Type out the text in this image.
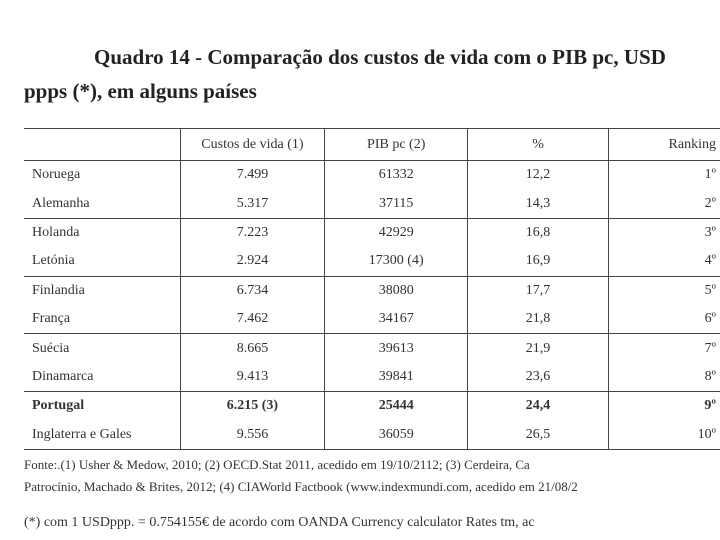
Quadro 14 - Comparação dos custos de vida com o PIB pc, USD
ppps (*), em alguns países
	Custos de vida (1)	PIB pc (2)	%	Ranking
Noruega	7.499	61332	12,2	1º
Alemanha	5.317	37115	14,3	2º
Holanda	7.223	42929	16,8	3º
Letónia	2.924	17300 (4)	16,9	4º
Finlandia	6.734	38080	17,7	5º
França	7.462	34167	21,8	6º
Suécia	8.665	39613	21,9	7º
Dinamarca	9.413	39841	23,6	8º
Portugal	6.215 (3)	25444	24,4	9º
Inglaterra e Gales	9.556	36059	26,5	10º
Fonte:.(1) Usher & Medow, 2010; (2) OECD.Stat 2011, acedido em 19/10/2112; (3) Cerdeira, Ca
Patrocínio, Machado & Brites, 2012; (4) CIAWorld Factbook (www.indexmundi.com, acedido em 21/08/2
(*) com 1 USDppp. = 0.754155€ de acordo com OANDA Currency calculator Rates tm, ac
